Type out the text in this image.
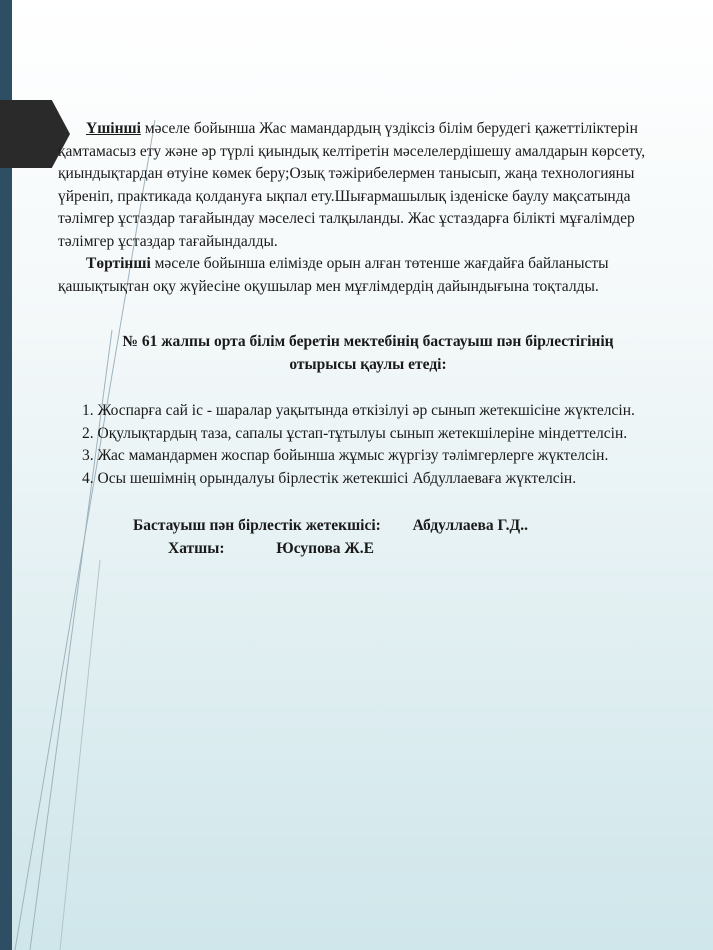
Үшінші мәселе бойынша Жас мамандардың үздіксіз білім берудегі қажеттіліктерін қамтамасыз ету және әр түрлі қиындық келтіретін мәселелердішешу амалдарын көрсету, қиындықтардан өтуіне көмек беру;Озық тәжірибелермен танысып, жаңа технологияны үйреніп, практикада қолдануға ықпал ету.Шығармашылық ізденіске баулу мақсатында тәлімгер ұстаздар тағайындау мәселесі талқыланды. Жас ұстаздарға білікті мұғалімдер тәлімгер ұстаздар тағайындалды.

Төртінші мәселе бойынша елімізде орын алған төтенше жағдайға байланысты қашықтықтан оқу жүйесіне оқушылар мен мұғлімдердің дайындығына тоқталды.

№ 61 жалпы орта білім беретін мектебінің бастауыш пән бірлестігінің
отырысы қаулы етеді:

1. Жоспарға сай іс - шаралар уақытында өткізілуі әр сынып жетекшісіне жүктелсін.

2. Оқулықтардың таза, сапалы ұстап-тұтылуы сынып жетекшілеріне міндеттелсін.

3. Жас мамандармен жоспар бойынша жұмыс жүргізу тәлімгерлерге жүктелсін.

4. Осы шешімнің орындалуы бірлестік жетекшісі Абдуллаеваға жүктелсін.

Бастауыш пән бірлестік жетекшісі: Абдуллаева Г.Д..
Хатшы:	Юсупова Ж.Е
